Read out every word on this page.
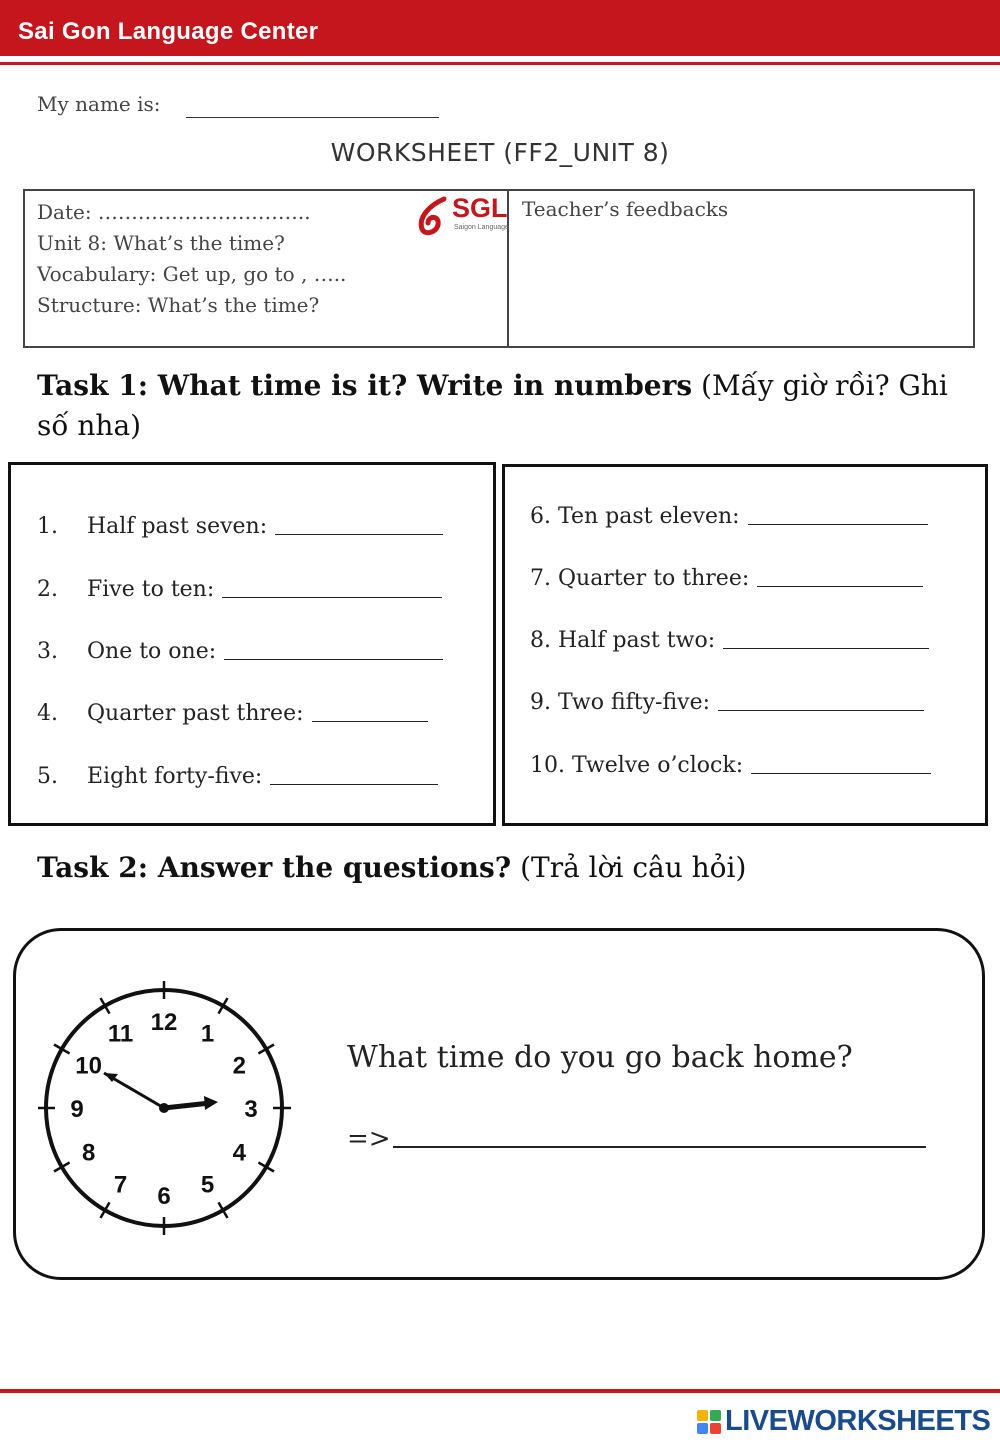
Sai Gon Language Center
My name is:
WORKSHEET (FF2_UNIT 8)
Date: …………………………..
Unit 8: What’s the time?
Vocabulary: Get up, go to , …..
Structure: What’s the time?
SGL
Saigon Language
Teacher’s feedbacks
Task 1: What time is it? Write in numbers (Mấy giờ rồi? Ghi số nha)
1.	Half past seven:
2.	Five to ten:
3.	One to one:
4.	Quarter past three:
5.	Eight forty-five:
6. Ten past eleven:
7. Quarter to three:
8. Half past two:
9. Two fifty-five:
10. Twelve o’clock:
Task 2: Answer the questions? (Trả lời câu hỏi)
12 1
2
3
4
5
6
7
8
9
10
11
What time do you go back home?
=>
LIVEWORKSHEETS
